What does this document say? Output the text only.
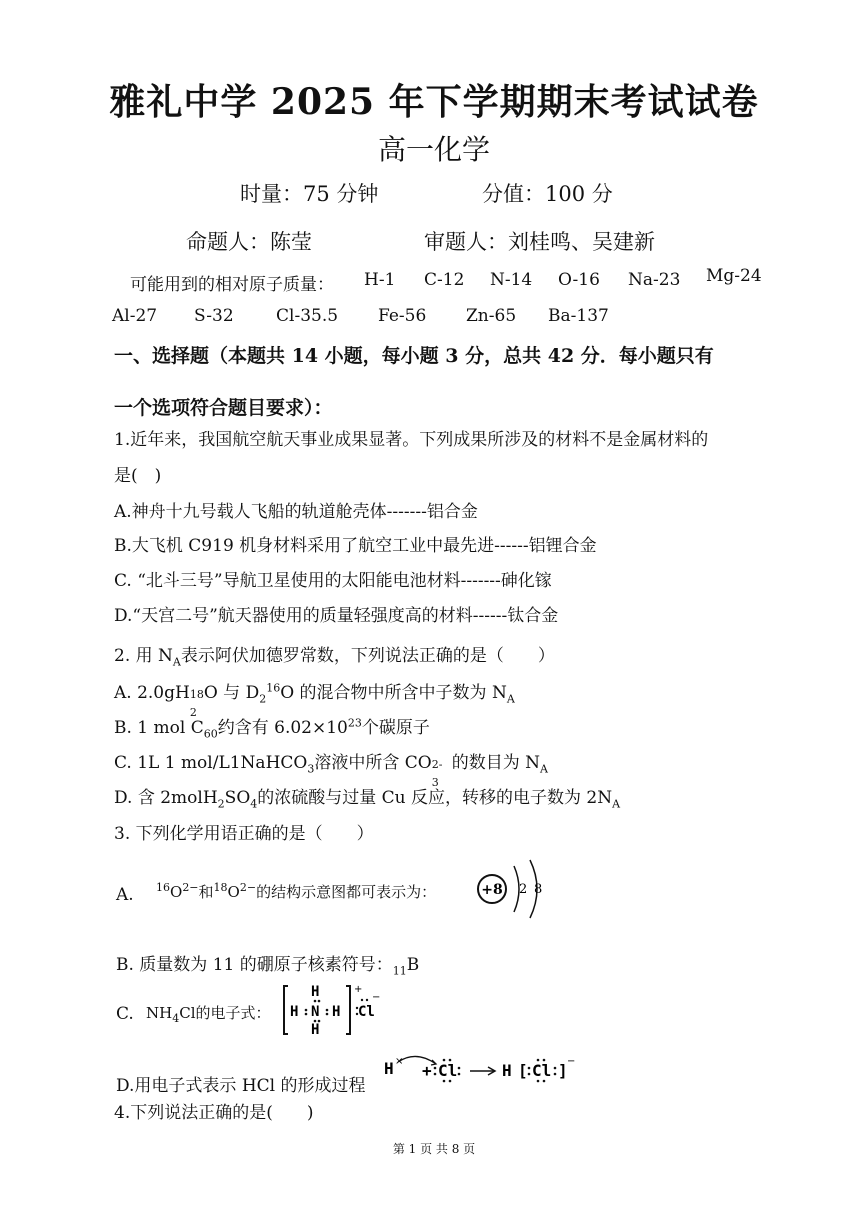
雅礼中学 2025 年下学期期末考试试卷
高一化学
时量：75 分钟	分值：100 分
命题人：陈莹	审题人：刘桂鸣、吴建新
可能用到的相对原子质量： H-1 C-12 N-14 O-16 Na-23 Mg-24
Al-27 S-32 Cl-35.5 Fe-56 Zn-65 Ba-137
一、选择题（本题共 14 小题，每小题 3 分，总共 42 分．每小题只有
一个选项符合题目要求）：
1.近年来，我国航空航天事业成果显著。下列成果所涉及的材料不是金属材料的
是(　)
A.神舟十九号载人飞船的轨道舱壳体-------铝合金
B.大飞机 C919 机身材料采用了航空工业中最先进------铝锂合金
C. “北斗三号”导航卫星使用的太阳能电池材料-------砷化镓
D.“天宫二号”航天器使用的质量轻强度高的材料------钛合金
2. 用 $N_A$表示阿伏加德罗常数，下列说法正确的是（　　）
A. 2.0gH 18
2
O 与 $D_2^{16}O$ 的混合物中所含中子数为 $N_A$
B. 1 mol $C_{60}$约含有 $6.02\times 10^{23}$个碳原子
C. 1L 1 mol/L1NaHCO$_3$溶液中所含 CO 2-
3
的数目为 $N_A$
D. 含 $2molH_2SO_4$的浓硫酸与过量 Cu 反应，转移的电子数为 $2N_A$
3. 下列化学用语正确的是（　　）
A. $^{16}O^{2-}$和$^{18}O^{2-}$的结构示意图都可表示为：	+8 2 8
B. 质量数为 11 的硼原子核素符号：$_{11}$B
C. $NH_4Cl$的电子式：
+
H
H N H
H
Cl
−
D.用电子式表示 HCl 的形成过程
H + Cl	H [ Cl ]
×	−
4.下列说法正确的是(　　)
第 1 页 共 8 页
